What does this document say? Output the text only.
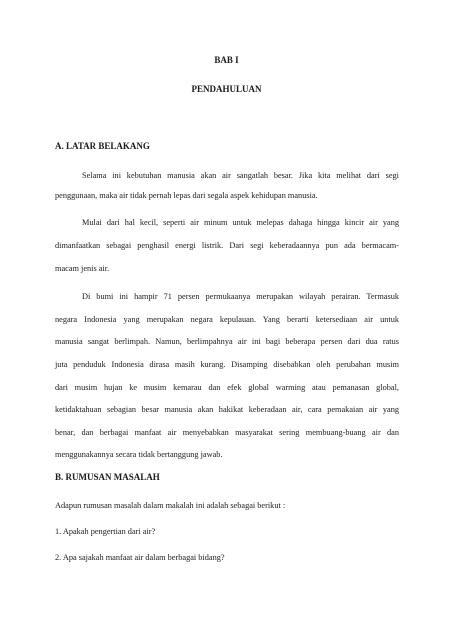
BAB I

PENDAHULUAN

A. LATAR BELAKANG

Selama ini kebutuhan manusia akan air sangatlah besar. Jika kita melihat dari segi

penggunaan, maka air tidak pernah lepas dari segala aspek kehidupan manusia.

Mulai dari hal kecil, seperti air minum untuk melepas dahaga hingga kincir air yang

dimanfaatkan sebagai penghasil energi listrik. Dari segi keberadaannya pun ada bermacam-

macam jenis air.

Di bumi ini hampir 71 persen permukaanya merupakan wilayah perairan. Termasuk

negara Indonesia yang merupakan negara kepulauan. Yang berarti ketersediaan air untuk

manusia sangat berlimpah. Namun, berlimpahnya air ini bagi beberapa persen dari dua ratus

juta penduduk Indonesia dirasa masih kurang. Disamping disebabkan oleh perubahan musim

dari musim hujan ke musim kemarau dan efek global warming atau pemanasan global,

ketidaktahuan sebagian besar manusia akan hakikat keberadaan air, cara pemakaian air yang

benar, dan berbagai manfaat air menyebabkan masyarakat sering membuang-buang air dan

menggunakannya secara tidak bertanggung jawab.

B. RUMUSAN MASALAH

Adapun rumusan masalah dalam makalah ini adalah sebagai berikut :

1. Apakah pengertian dari air?

2. Apa sajakah manfaat air dalam berbagai bidang?
